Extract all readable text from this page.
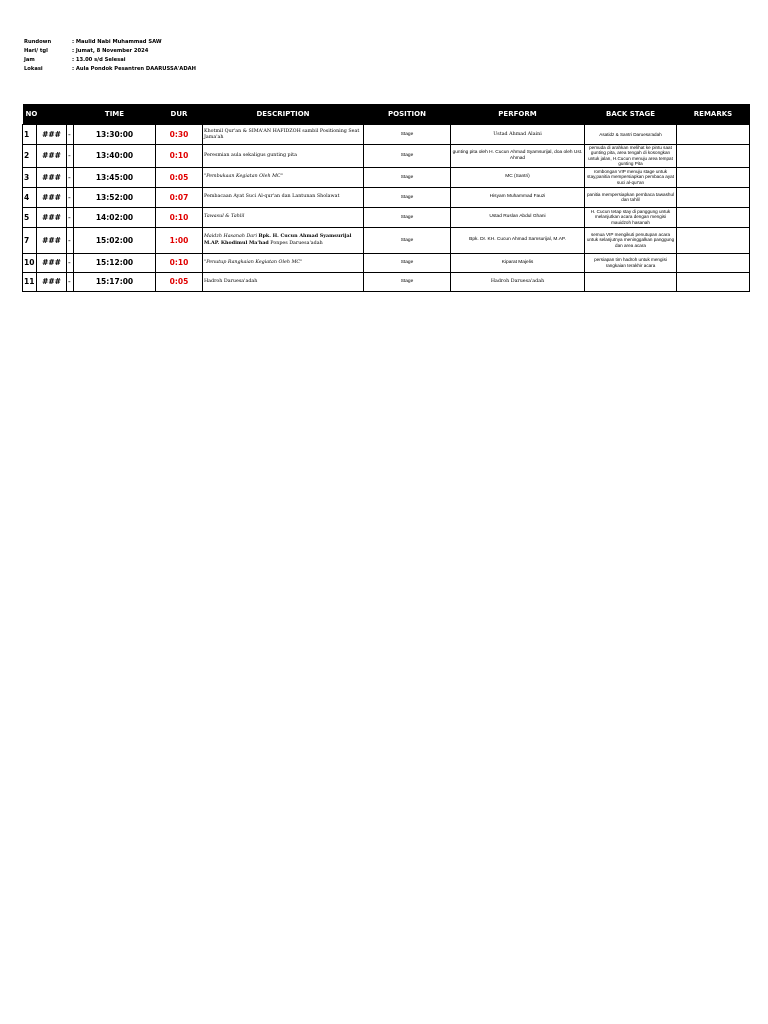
Rundown	: Maulid Nabi Muhammad SAW
Hari/ tgl	: Jumat, 8 November 2024
Jam	: 13.00 s/d Selesai
Lokasi	: Aula Pondok Pesantren DAARUSSA'ADAH
NO			TIME	DUR	DESCRIPTION	POSITION	PERFORM	BACK STAGE	REMARKS
1	###	-	13:30:00	0:30	Khotmil Qur'an & SIMA'AN HAFIDZOH sambil Positioning Seat Jama'ah	Stage	Ustad Ahmad Alaini	Asatidz & Santri Daruesa'adah	
2	###	-	13:40:00	0:10	Peresmian aula sekaligus gunting pita	Stage	gunting pita oleh H. Cucun Ahmad Syamsurijal, doa oleh Ust. Ahmad	pemuda di arahkan melihat ke pintu saat gunting pita, area tengah di kosongkan untuk jalan, H.Cucun menuju area tempat gunting Pita	
3	###	-	13:45:00	0:05	"Pembukaan Kegiatan Oleh MC"	Stage	MC (Santri)	rombongan VIP menuju stage untuk stay,panitia mempersiapkan pembaca ayat suci al-qur'an	
4	###	-	13:52:00	0:07	Pembacaan Ayat Suci Al-qur'an dan Lantunan Sholawat	Stage	Hisyam Muhammad Fauzi	panitia mempersiapkan pembaca tawashul dan tahlil	
5	###	-	14:02:00	0:10	Tawasul & Tahlil	Stage	Ustad Ruslan Abdul Ghani	H. Cucun tetap stay di panggung untuk melanjutkan acara dengan mengisi mauidzoh hasanah	
7	###	-	15:02:00	1:00	Maidzh Hasanah Dari Bpk. H. Cucun Ahmad Syamsurijal M.AP. Khodimul Ma'had Ponpes Daruesa'adah	Stage	Bpk. Dr. KH. Cucun Ahmad Samsurijal, M.AP.	semua VIP mengikuti penutupan acara untuk selanjutnya meninggalkan panggung dan area acara	
10	###	-	15:12:00	0:10	"Penutup Rangkaian Kegiatan Oleh MC"	Stage	Kiparat Majelis	persiapan tim hadroh untuk mengisi rangkaian terakhir acara	
11	###	-	15:17:00	0:05	Hadroh Daruesa'adah	Stage	Hadroh Daruesa'adah		
